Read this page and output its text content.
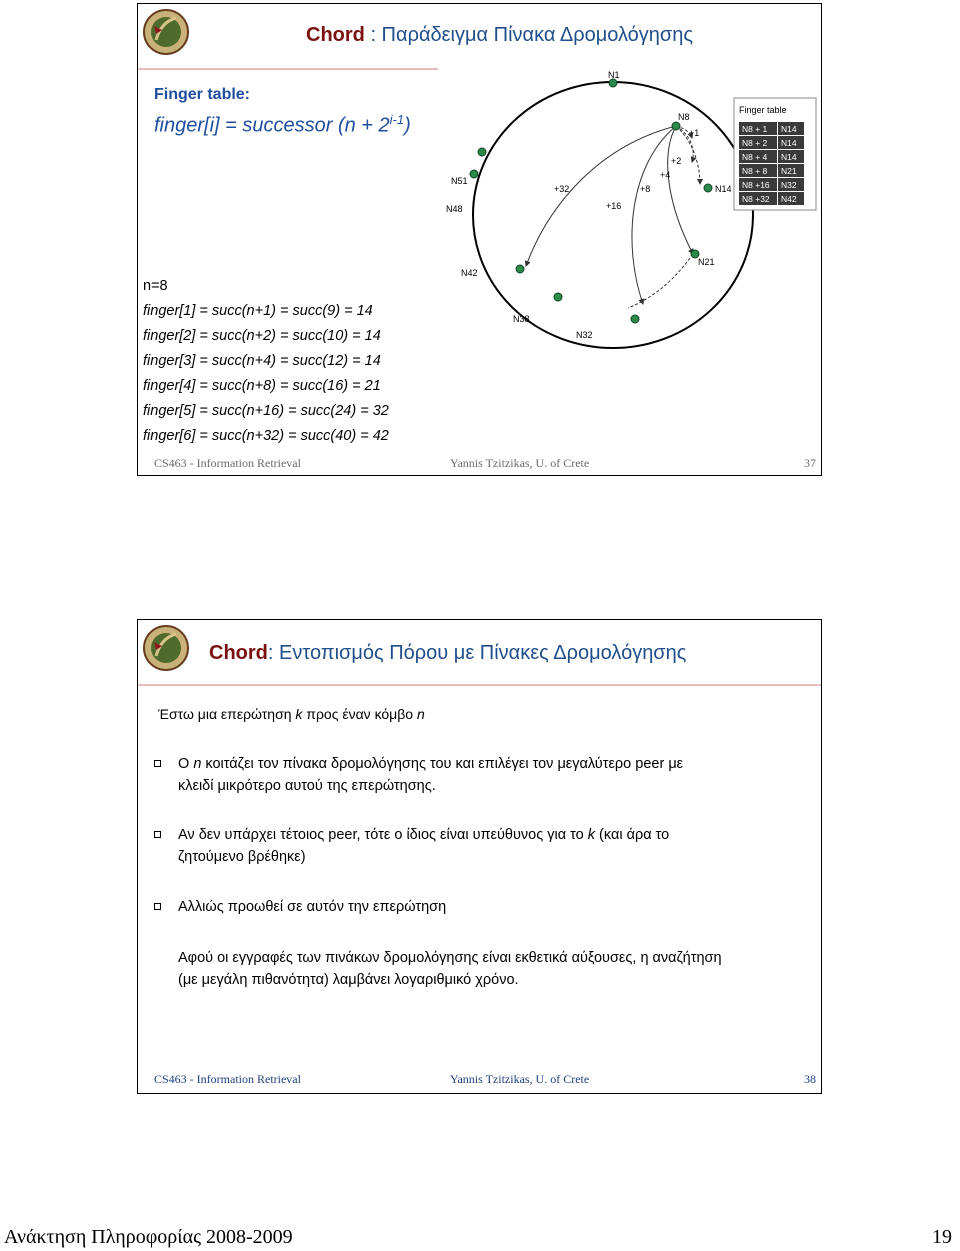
Chord : Παράδειγμα Πίνακα Δρομολόγησης
Finger table:
finger[i] = successor $(n + 2^{i-1})$
n=8
finger[1] = succ(n+1) = succ(9) = 14
finger[2] = succ(n+2) = succ(10) = 14
finger[3] = succ(n+4) = succ(12) = 14
finger[4] = succ(n+8) = succ(16) = 21
finger[5] = succ(n+16) = succ(24) = 32
finger[6] = succ(n+32) = succ(40) = 42
N1
N8
N14
N21
N32
N38
N42
N48
N51
+1
+2
+4
+8
+16
+32
Finger table
N8 + 1 N14
N8 + 2 N14
N8 + 4 N14
N8 + 8 N21
N8 +16 N32
N8 +32 N42
CS463 - Information Retrieval	Yannis Tzitzikas, U. of Crete	37
Chord: Εντοπισμός Πόρου με Πίνακες Δρομολόγησης
Έστω μια επερώτηση k προς έναν κόμβο n
Ο n κοιτάζει τον πίνακα δρομολόγησης του και επιλέγει τον μεγαλύτερο peer με
κλειδί μικρότερο αυτού της επερώτησης.
Αν δεν υπάρχει τέτοιος peer, τότε ο ίδιος είναι υπεύθυνος για το k (και άρα το
ζητούμενο βρέθηκε)
Αλλιώς προωθεί σε αυτόν την επερώτηση
Αφού οι εγγραφές των πινάκων δρομολόγησης είναι εκθετικά αύξουσες, η αναζήτηση
(με μεγάλη πιθανότητα) λαμβάνει λογαριθμικό χρόνο.
CS463 - Information Retrieval	Yannis Tzitzikas, U. of Crete	38
Ανάκτηση Πληροφορίας 2008-2009	19
